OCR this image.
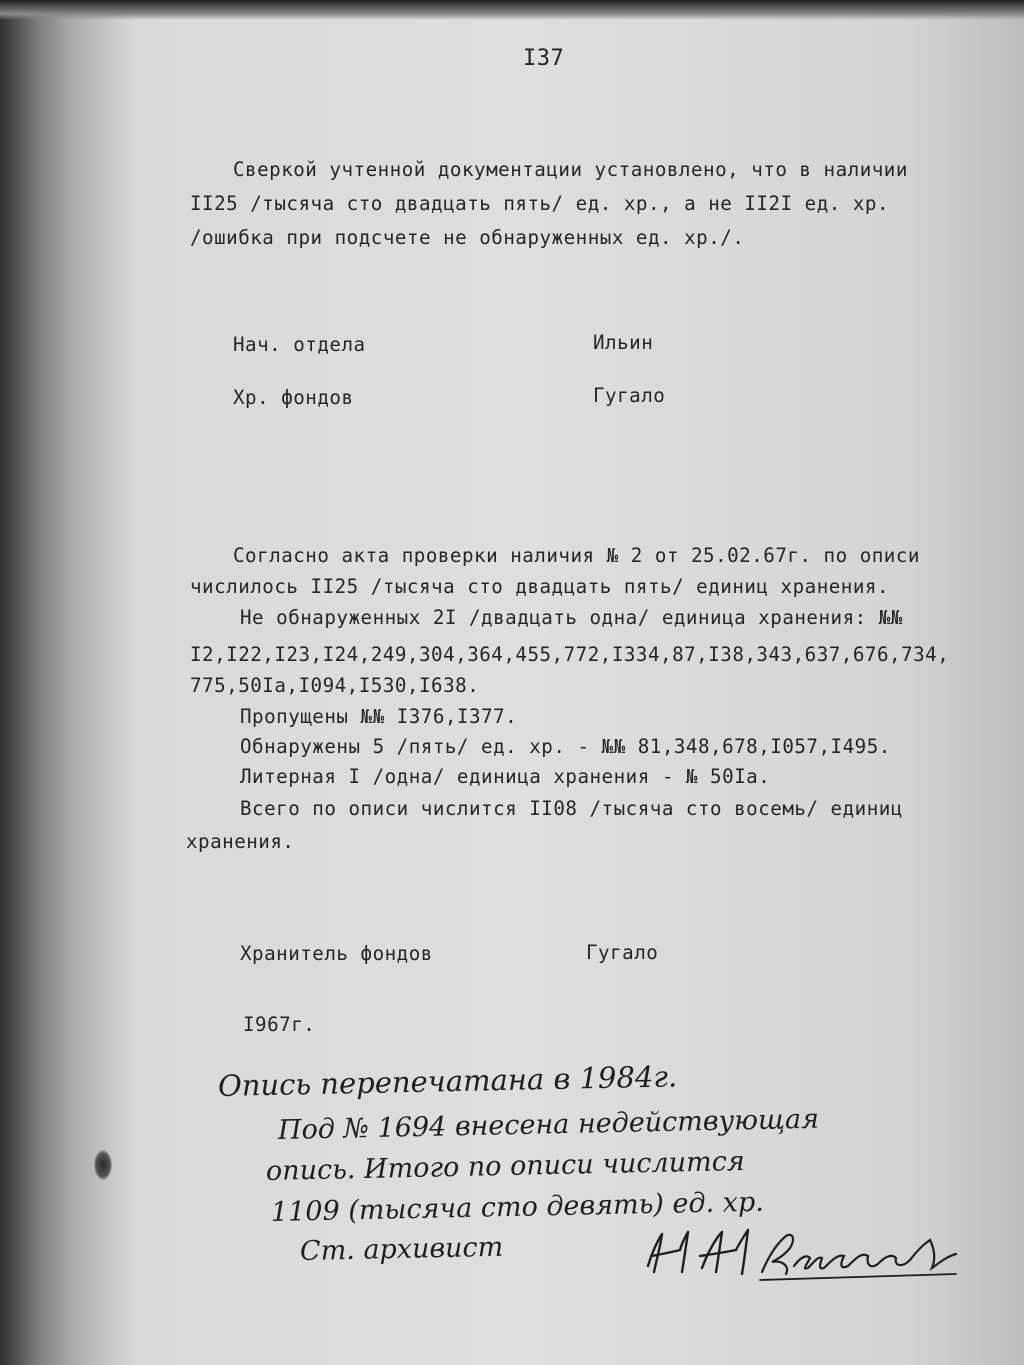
I37
Сверкой учтенной документации установлено, что в наличии
II25 /тысяча сто двадцать пять/ ед. хр., а не II2I ед. хр.
/ошибка при подсчете не обнаруженных ед. хр./.
Нач. отдела	Ильин
Хр. фондов	Гугало
Согласно акта проверки наличия № 2 от 25.02.67г. по описи
числилось II25 /тысяча сто двадцать пять/ единиц хранения.
Не обнаруженных 2I /двадцать одна/ единица хранения: №№
I2,I22,I23,I24,249,304,364,455,772,I334,87,I38,343,637,676,734,
775,50Iа,I094,I530,I638.
Пропущены №№ I376,I377.
Обнаружены 5 /пять/ ед. хр. - №№ 81,348,678,I057,I495.
Литерная I /одна/ единица хранения - № 50Iа.
Всего по описи числится II08 /тысяча сто восемь/ единиц
хранения.
Хранитель фондов	Гугало
I967г.
Опись перепечатана в 1984г.
Под № 1694 внесена недействующая
опись. Итого по описи числится
1109 (тысяча сто девять) ед. хр.
Ст. архивист
